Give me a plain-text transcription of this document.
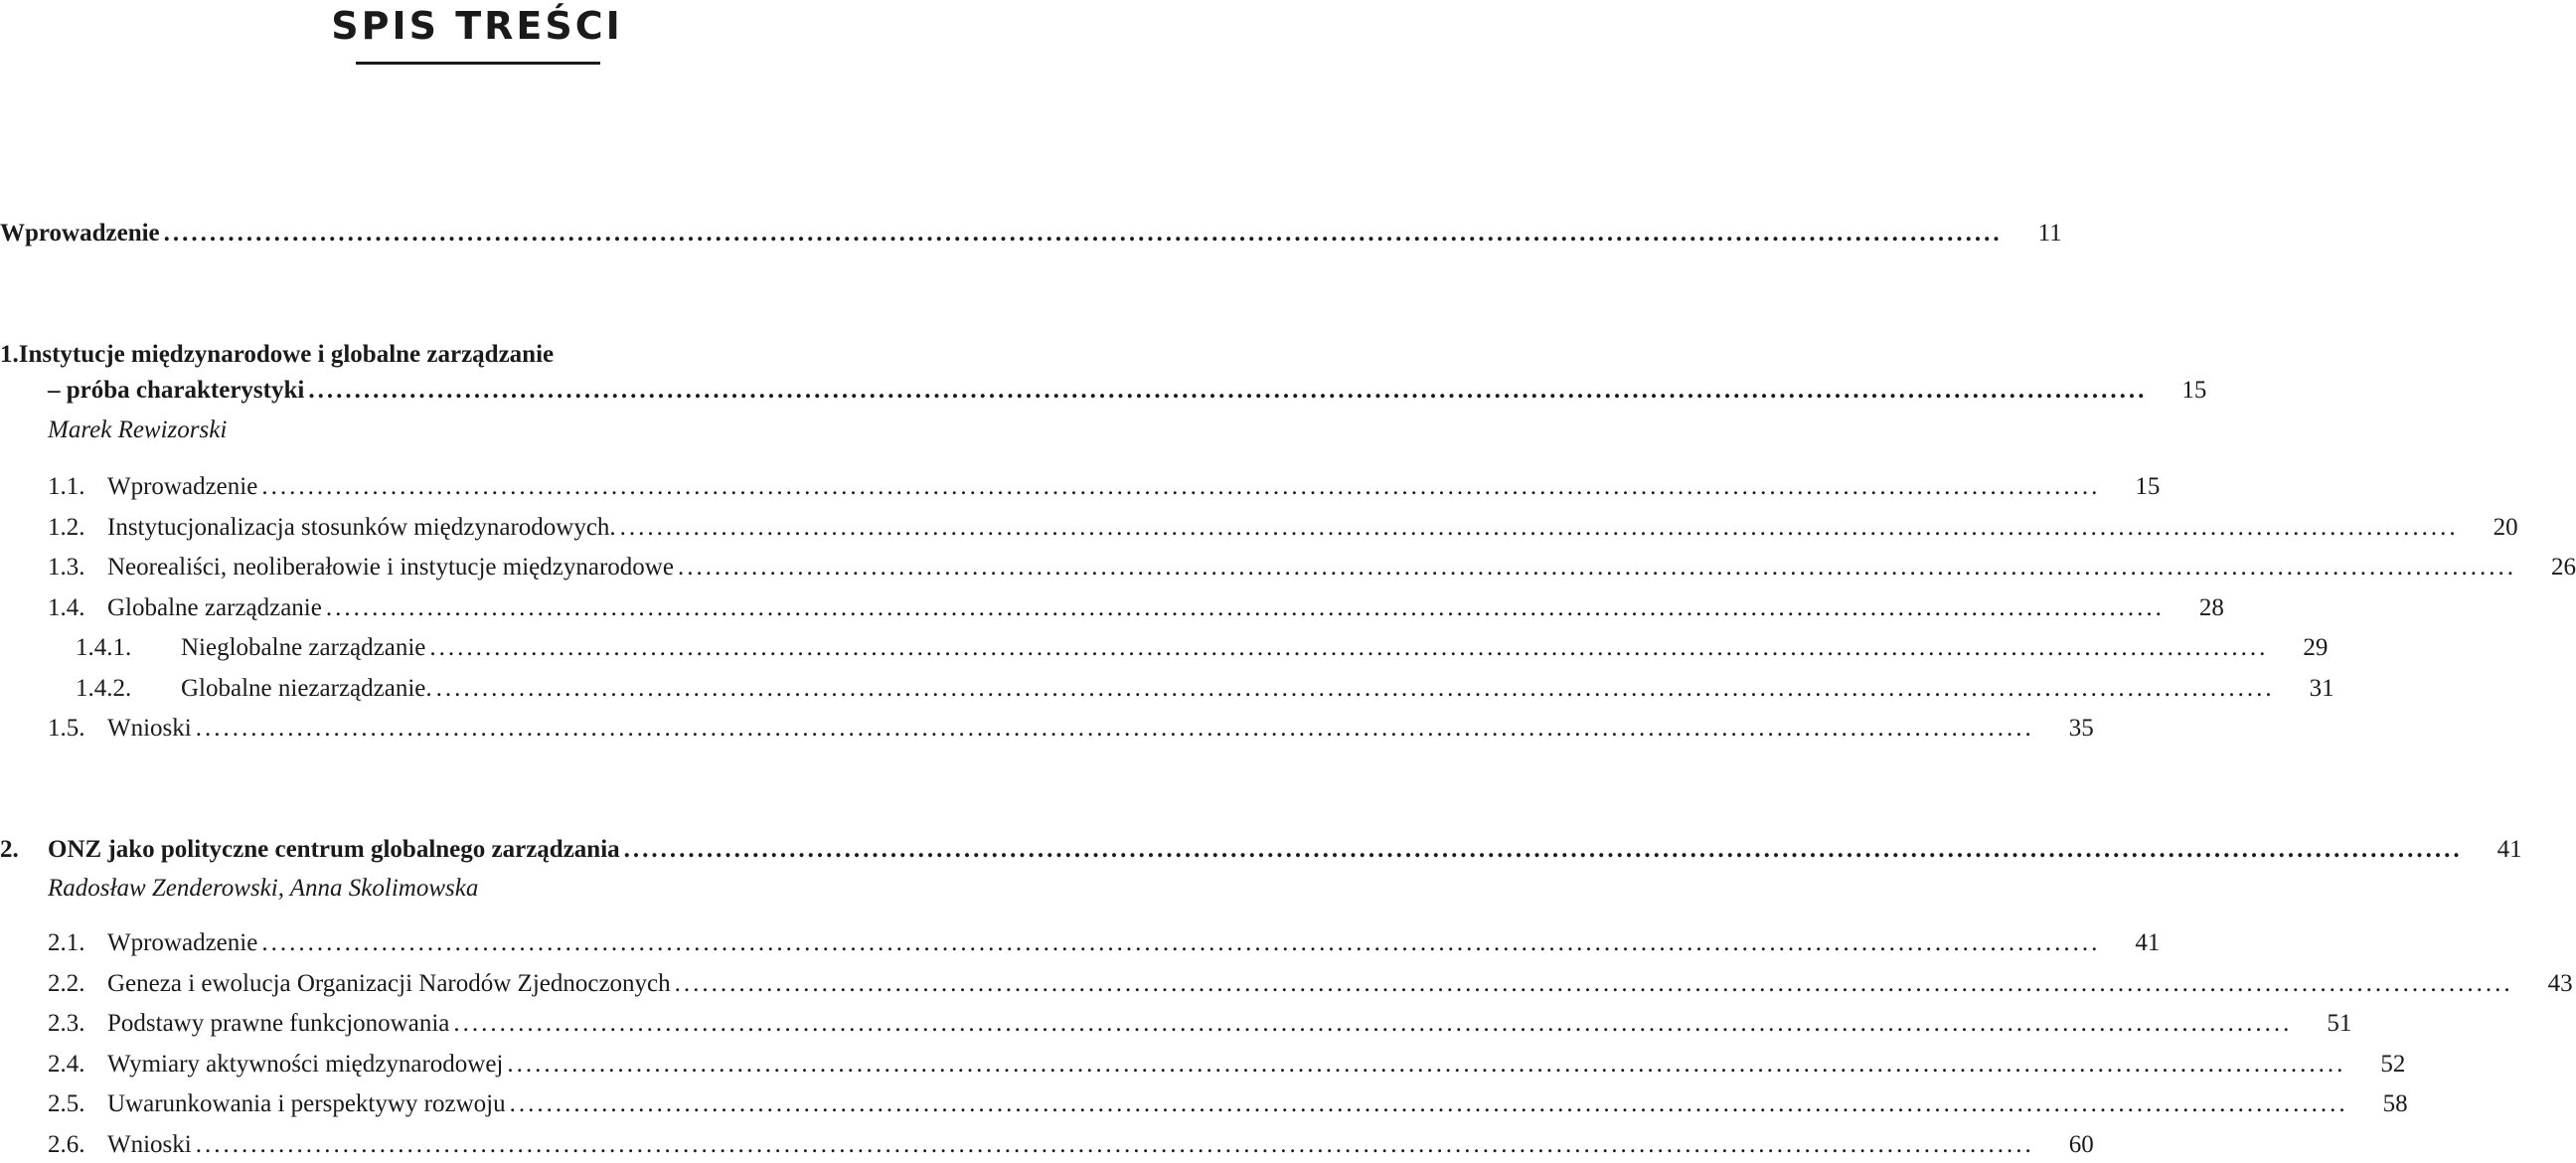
SPIS TREŚCI
Wprowadzenie ........................................................................................................................................................................................................	11
1.Instytucje międzynarodowe i globalne zarządzanie
– próba charakterystyki ........................................................................................................................................................................................................	15
Marek Rewizorski
1.1. Wprowadzenie ........................................................................................................................................................................................................	15
1.2. Instytucjonalizacja stosunków międzynarodowych. ........................................................................................................................................................................................................	20
1.3. Neorealiści, neoliberałowie i instytucje międzynarodowe ........................................................................................................................................................................................................	26
1.4. Globalne zarządzanie ........................................................................................................................................................................................................	28
1.4.1.	Nieglobalne zarządzanie ........................................................................................................................................................................................................	29
1.4.2.	Globalne niezarządzanie. ........................................................................................................................................................................................................	31
1.5. Wnioski ........................................................................................................................................................................................................	35
2.	ONZ jako polityczne centrum globalnego zarządzania ........................................................................................................................................................................................................	41
Radosław Zenderowski, Anna Skolimowska
2.1. Wprowadzenie ........................................................................................................................................................................................................	41
2.2. Geneza i ewolucja Organizacji Narodów Zjednoczonych ........................................................................................................................................................................................................	43
2.3. Podstawy prawne funkcjonowania ........................................................................................................................................................................................................	51
2.4. Wymiary aktywności międzynarodowej ........................................................................................................................................................................................................	52
2.5. Uwarunkowania i perspektywy rozwoju ........................................................................................................................................................................................................	58
2.6. Wnioski ........................................................................................................................................................................................................	60
